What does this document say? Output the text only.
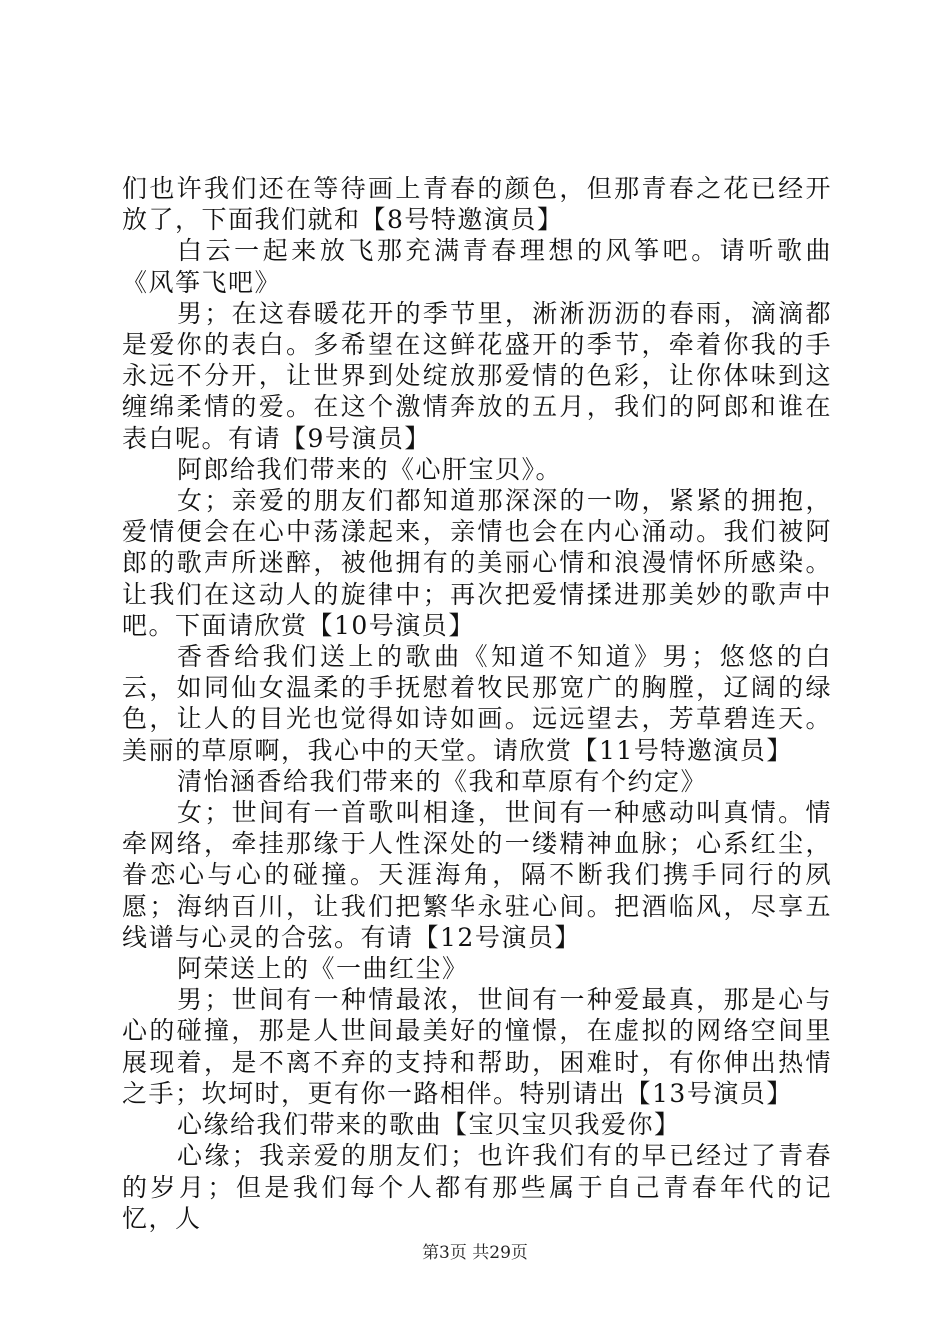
们也许我们还在等待画上青春的颜色，但那青春之花已经开放了，下面我们就和【8号特邀演员】

白云一起来放飞那充满青春理想的风筝吧。请听歌曲《风筝飞吧》

男；在这春暖花开的季节里，淅淅沥沥的春雨，滴滴都是爱你的表白。多希望在这鲜花盛开的季节，牵着你我的手永远不分开，让世界到处绽放那爱情的色彩，让你体味到这缠绵柔情的爱。在这个激情奔放的五月，我们的阿郎和谁在表白呢。有请【9号演员】

阿郎给我们带来的《心肝宝贝》。

女；亲爱的朋友们都知道那深深的一吻，紧紧的拥抱，爱情便会在心中荡漾起来，亲情也会在内心涌动。我们被阿郎的歌声所迷醉，被他拥有的美丽心情和浪漫情怀所感染。让我们在这动人的旋律中；再次把爱情揉进那美妙的歌声中吧。下面请欣赏【10号演员】

香香给我们送上的歌曲《知道不知道》男；悠悠的白云，如同仙女温柔的手抚慰着牧民那宽广的胸膛，辽阔的绿色，让人的目光也觉得如诗如画。远远望去，芳草碧连天。美丽的草原啊，我心中的天堂。请欣赏【11号特邀演员】

清怡涵香给我们带来的《我和草原有个约定》

女；世间有一首歌叫相逢，世间有一种感动叫真情。情牵网络，牵挂那缘于人性深处的一缕精神血脉；心系红尘，眷恋心与心的碰撞。天涯海角，隔不断我们携手同行的夙愿；海纳百川，让我们把繁华永驻心间。把酒临风，尽享五线谱与心灵的合弦。有请【12号演员】

阿荣送上的《一曲红尘》

男；世间有一种情最浓，世间有一种爱最真，那是心与心的碰撞，那是人世间最美好的憧憬，在虚拟的网络空间里展现着，是不离不弃的支持和帮助，困难时，有你伸出热情之手；坎坷时，更有你一路相伴。特别请出【13号演员】

心缘给我们带来的歌曲【宝贝宝贝我爱你】

心缘；我亲爱的朋友们；也许我们有的早已经过了青春的岁月；但是我们每个人都有那些属于自己青春年代的记忆，人

第3页 共29页
